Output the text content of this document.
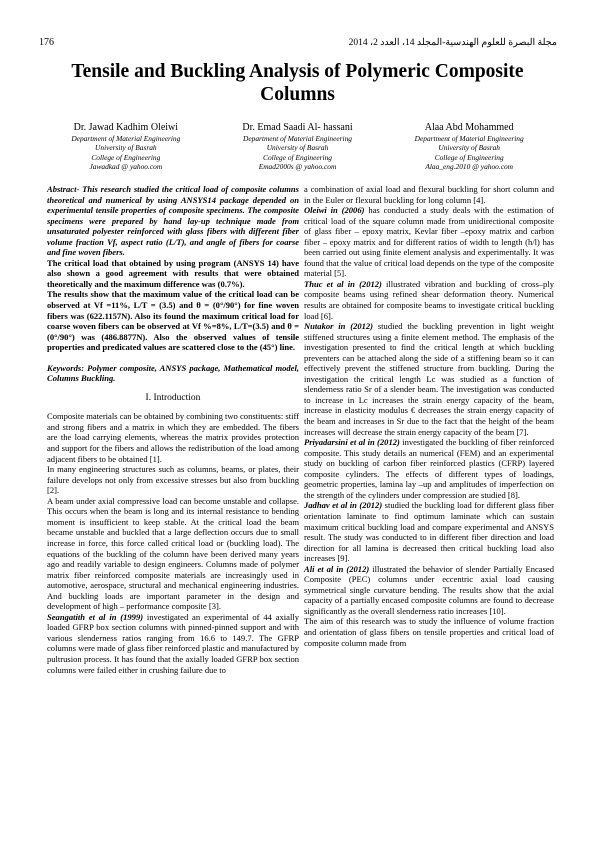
176	مجلة البصرة للعلوم الهندسية-المجلد 14، العدد 2، 2014
Tensile and Buckling Analysis of Polymeric Composite Columns
Dr. Jawad Kadhim Oleiwi
Department of Material Engineering
University of Basrah
College of Engineering
Jawadkad @ yahoo.com
Dr. Emad Saadi Al- hassani
Department of Material Engineering
University of Basrah
College of Engineering
Emad2000s @ yahoo.com
Alaa Abd Mohammed
Department of Material Engineering
University of Basrah
College of Engineering
Alaa_eng.2010 @ yahoo.com

Abstract- This research studied the critical load of composite columns theoretical and numerical by using ANSYS14 package depended on experimental tensile properties of composite specimens. The composite specimens were prepared by hand lay-up technique made from unsaturated polyester reinforced with glass fibers with different fiber volume fraction Vf, aspect ratio (L/T), and angle of fibers for coarse and fine woven fibers.

The critical load that obtained by using program (ANSYS 14) have also shown a good agreement with results that were obtained theoretically and the maximum difference was (0.7%).

The results show that the maximum value of the critical load can be observed at Vf =11%, L/T = (3.5) and θ = (0°/90°) for fine woven fibers was (622.1157N). Also its found the maximum critical load for coarse woven fibers can be observed at Vf %=8%, L/T=(3.5) and θ = (0°/90°) was (486.8877N). Also the observed values of tensile properties and predicated values are scattered close to the (45°) line.

Keywords: Polymer composite, ANSYS package, Mathematical model, Columns Buckling.

I. Introduction

Composite materials can be obtained by combining two constituents: stiff and strong fibers and a matrix in which they are embedded. The fibers are the load carrying elements, whereas the matrix provides protection and support for the fibers and allows the redistribution of the load among adjacent fibers to be obtained [1].

In many engineering structures such as columns, beams, or plates, their failure develops not only from excessive stresses but also from buckling [2].

A beam under axial compressive load can become unstable and collapse. This occurs when the beam is long and its internal resistance to bending moment is insufficient to keep stable. At the critical load the beam became unstable and buckled that a large deflection occurs due to small increase in force, this force called critical load or (buckling load). The equations of the buckling of the column have been derived many years ago and readily variable to design engineers. Columns made of polymer matrix fiber reinforced composite materials are increasingly used in automotive, aerospace, structural and mechanical engineering industries. And buckling loads are important parameter in the design and development of high – performance composite [3].

Seangatith et al in (1999) investigated an experimental of 44 axially loaded GFRP box section columns with pinned-pinned support and with various slenderness ratios ranging from 16.6 to 149.7. The GFRP columns were made of glass fiber reinforced plastic and manufactured by pultrusion process. It has found that the axially loaded GFRP box section columns were failed either in crushing failure due to

a combination of axial load and flexural buckling for short column and in the Euler or flexural buckling for long column [4].

Oleiwi in (2006) has conducted a study deals with the estimation of critical load of the square column made from unidirectional composite of glass fiber – epoxy matrix, Kevlar fiber –epoxy matrix and carbon fiber – epoxy matrix and for different ratios of width to length (h/l) has been carried out using finite element analysis and experimentally. It was found that the value of critical load depends on the type of the composite material [5].

Thuc et al in (2012) illustrated vibration and buckling of cross–ply composite beams using refined shear deformation theory. Numerical results are obtained for composite beams to investigate critical buckling load [6].

Nutakor in (2012) studied the buckling prevention in light weight stiffened structures using a finite element method. The emphasis of the investigation presented to find the critical length at which buckling preventers can be attached along the side of a stiffening beam so it can effectively prevent the stiffened structure from buckling. During the investigation the critical length Lc was studied as a function of slenderness ratio Sr of a slender beam. The investigation was conducted to increase in Lc increases the strain energy capacity of the beam, increase in elasticity modulus € decreases the strain energy capacity of the beam and increases in Sr due to the fact that the height of the beam increases will decrease the strain energy capacity of the beam [7].

Priyadarsini et al in (2012) investigated the buckling of fiber reinforced composite. This study details an numerical (FEM) and an experimental study on buckling of carbon fiber reinforced plastics (CFRP) layered composite cylinders. The effects of different types of loadings, geometric properties, lamina lay –up and amplitudes of imperfection on the strength of the cylinders under compression are studied [8].

Jadhav et al in (2012) studied the buckling load for different glass fiber orientation laminate to find optimum laminate which can sustain maximum critical buckling load and compare experimental and ANSYS result. The study was conducted to in different fiber direction and load direction for all lamina is decreased then critical buckling load also increases [9].

Ali et al in (2012) illustrated the behavior of slender Partially Encased Composite (PEC) columns under eccentric axial load causing symmetrical single curvature bending. The results show that the axial capacity of a partially encased composite columns are found to decrease significantly as the overall slenderness ratio increases [10].

The aim of this research was to study the influence of volume fraction and orientation of glass fibers on tensile properties and critical load of composite column made from
